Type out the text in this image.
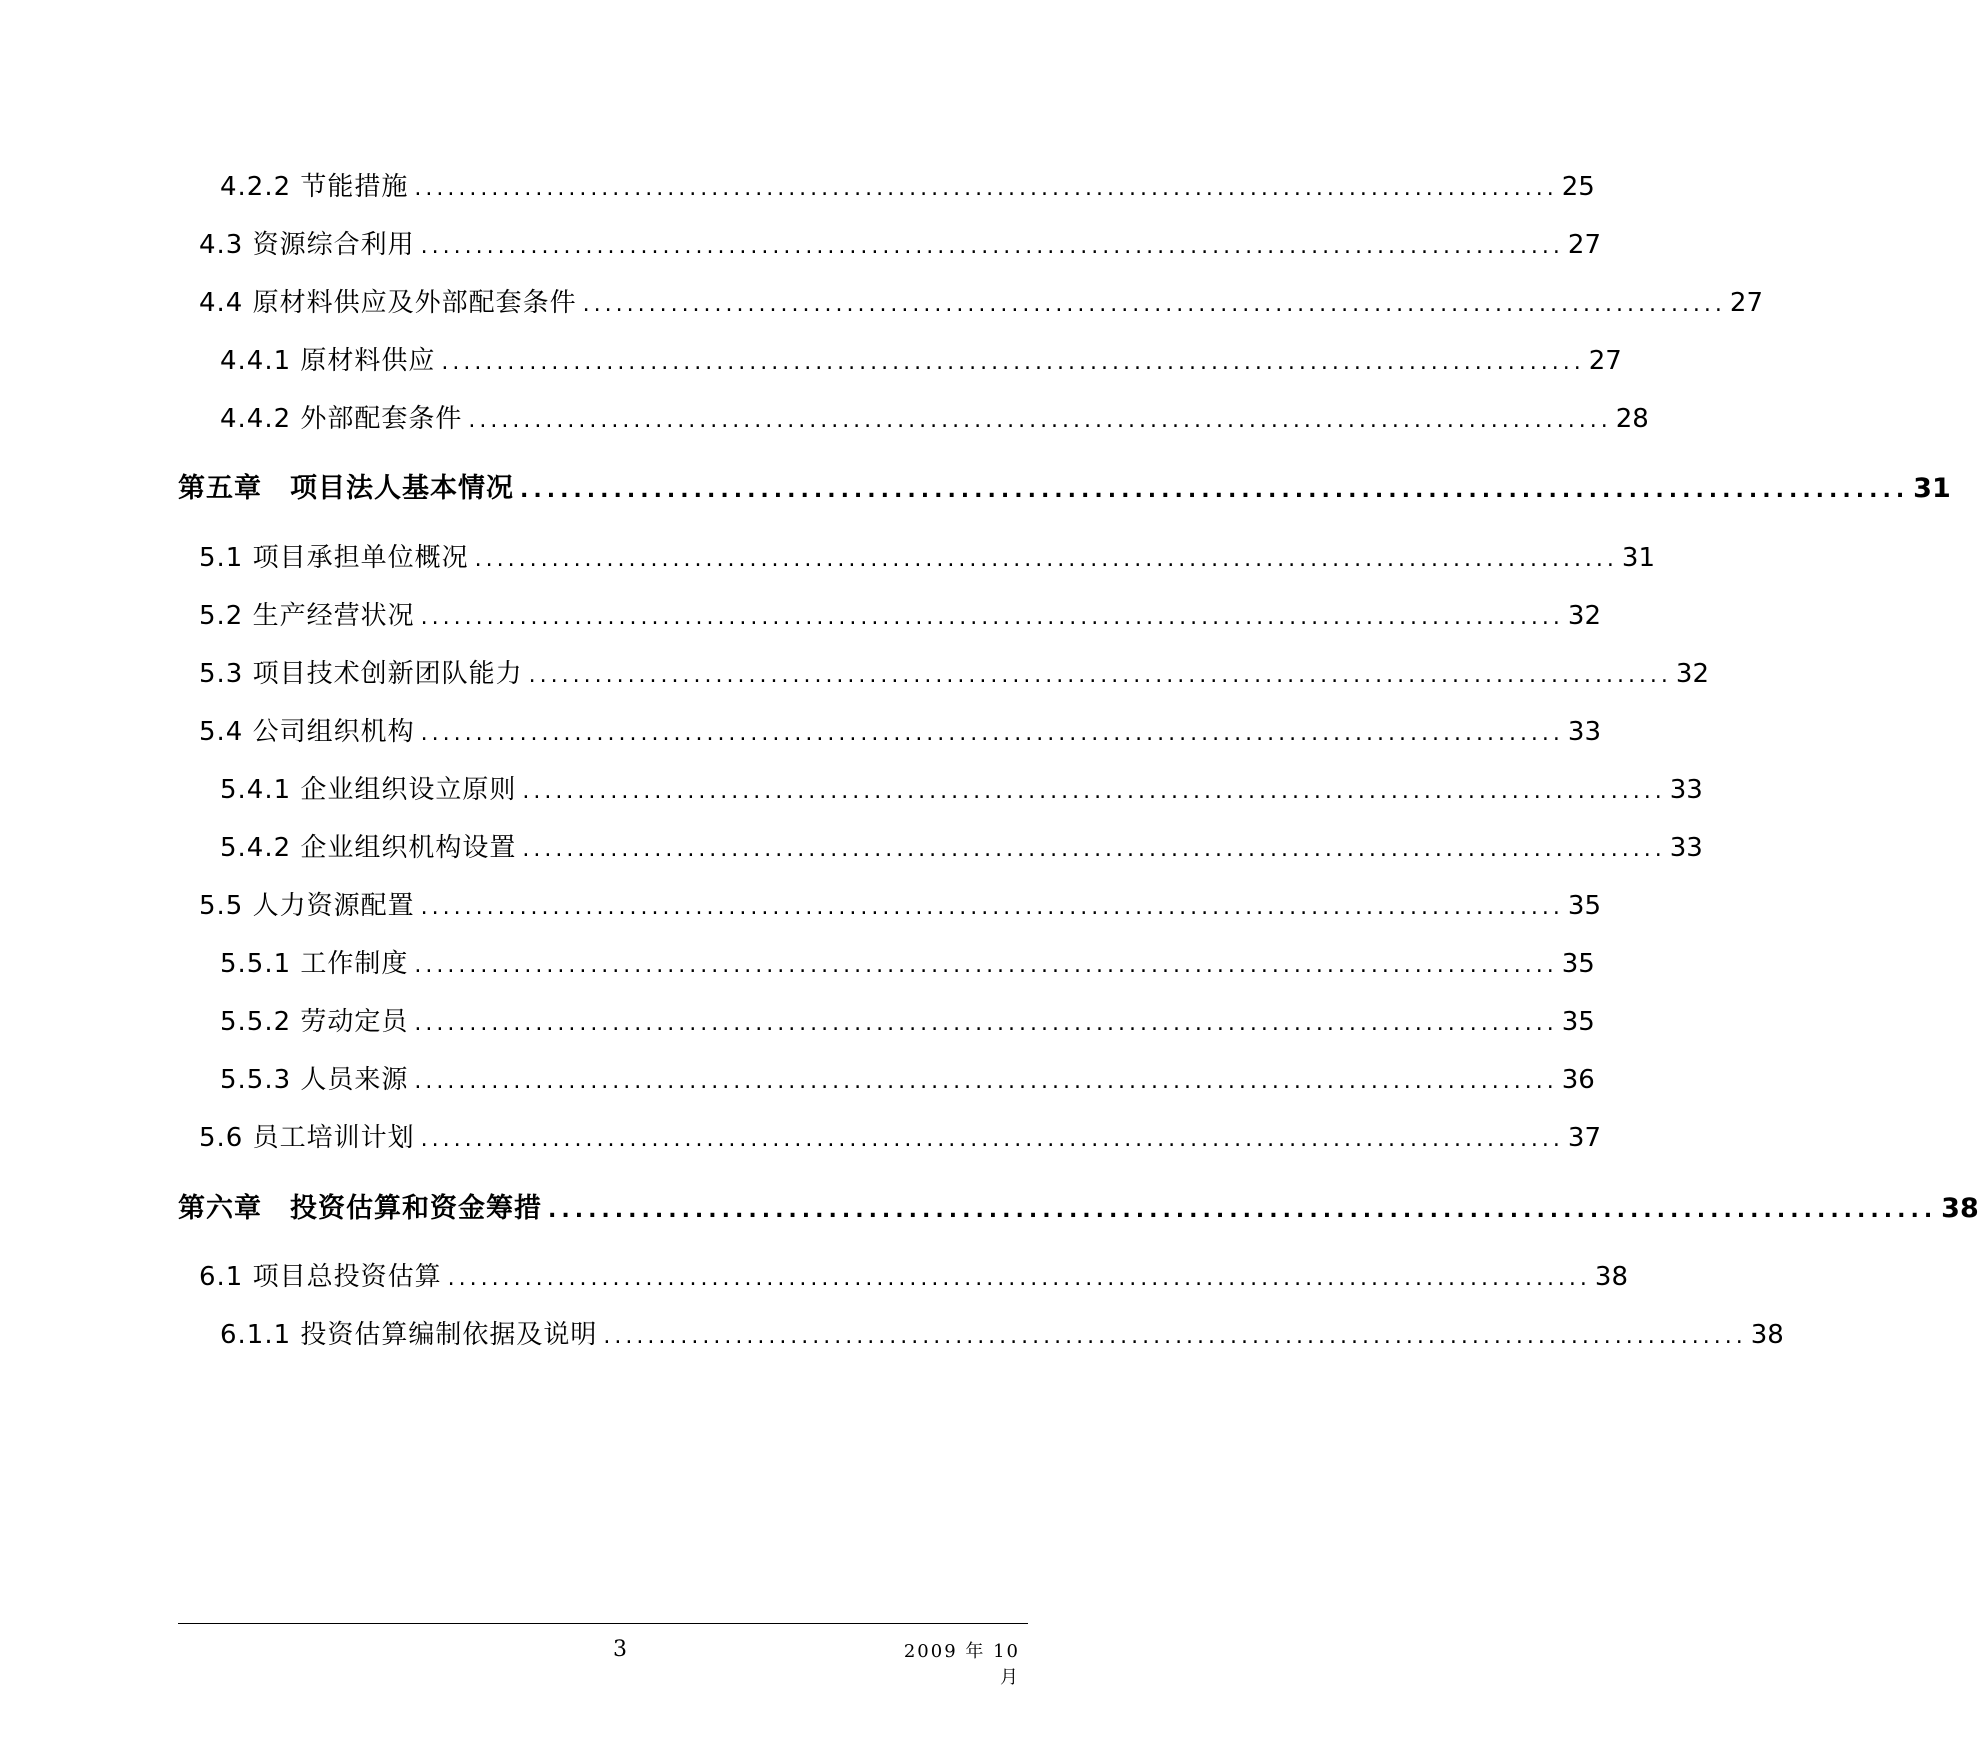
4.2.2 节能措施 ........................................................................................................ 25
4.3 资源综合利用 ........................................................................................................ 27
4.4 原材料供应及外部配套条件 ........................................................................................................ 27
4.4.1 原材料供应 ........................................................................................................ 27
4.4.2 外部配套条件 ........................................................................................................ 28
第五章　项目法人基本情况 ........................................................................................................ 31
5.1 项目承担单位概况 ........................................................................................................ 31
5.2 生产经营状况 ........................................................................................................ 32
5.3 项目技术创新团队能力 ........................................................................................................ 32
5.4 公司组织机构 ........................................................................................................ 33
5.4.1 企业组织设立原则 ........................................................................................................ 33
5.4.2 企业组织机构设置 ........................................................................................................ 33
5.5 人力资源配置 ........................................................................................................ 35
5.5.1 工作制度 ........................................................................................................ 35
5.5.2 劳动定员 ........................................................................................................ 35
5.5.3 人员来源 ........................................................................................................ 36
5.6 员工培训计划 ........................................................................................................ 37
第六章　投资估算和资金筹措 ........................................................................................................ 38
6.1 项目总投资估算 ........................................................................................................ 38
6.1.1 投资估算编制依据及说明 ........................................................................................................ 38
3	2009 年 10 月
